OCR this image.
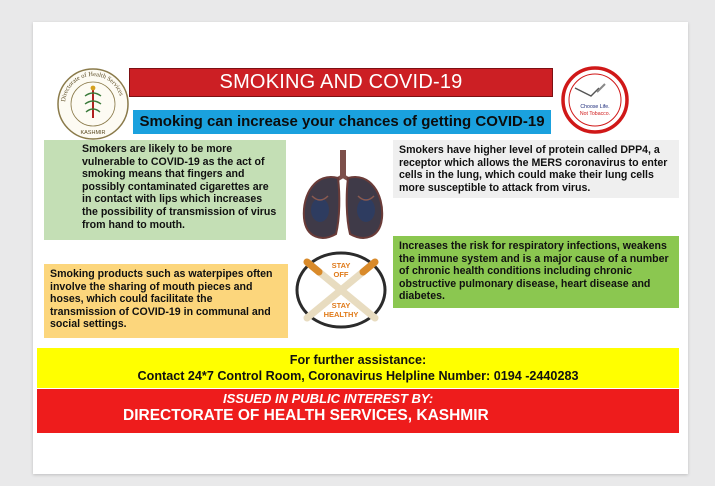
Directorate of Health Services
KASHMIR
SMOKING AND COVID-19
Choose Life.
Not Tobacco.
Smoking can increase your chances of getting COVID-19
Smokers are likely to be more vulnerable to COVID-19 as the act of smoking means that fingers and possibly contaminated cigarettes are in contact with lips which increases the possibility of transmission of virus from hand to mouth.
Smokers have higher level of protein called DPP4, a receptor which allows the MERS coronavirus to enter cells in the lung, which could make their lung cells more susceptible to attack from virus.
Increases the risk for respiratory infections, weakens the immune system and is a major cause of a number of chronic health conditions including chronic obstructive pulmonary disease, heart disease and diabetes.
Smoking products such as waterpipes often involve the sharing of mouth pieces and hoses, which could facilitate the transmission of COVID-19 in communal and social settings.
STAY
OFF
STAY
HEALTHY
For further assistance:
Contact 24*7 Control Room, Coronavirus Helpline Number: 0194 -2440283
ISSUED IN PUBLIC INTEREST BY:
DIRECTORATE OF HEALTH SERVICES, KASHMIR
